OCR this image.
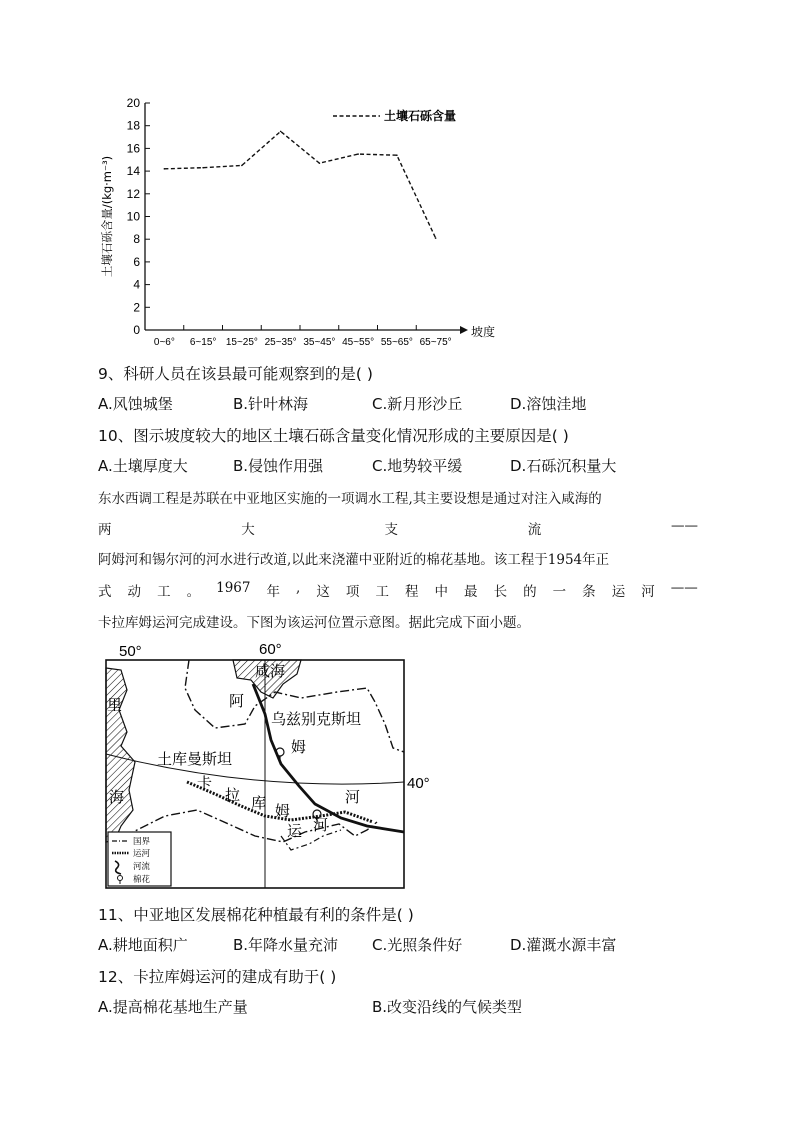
0
2
4
6
8
10
12
14
16
18
20
0~6° 6~15° 15~25° 25~35° 35~45° 45~55° 55~65° 65~75°
坡度
土壤石砾含量/(kg·m⁻³)
土壤石砾含量
9、科研人员在该县最可能观察到的是( )
A.风蚀城堡	B.针叶林海	C.新月形沙丘	D.溶蚀洼地
10、图示坡度较大的地区土壤石砾含量变化情况形成的主要原因是( )
A.土壤厚度大	B.侵蚀作用强	C.地势较平缓	D.石砾沉积量大
东水西调工程是苏联在中亚地区实施的一项调水工程,其主要设想是通过对注入咸海的
两	大	支	流	——
阿姆河和锡尔河的河水进行改道,以此来浇灌中亚附近的棉花基地。该工程于1954年正
式 动 工 。 1967 年 , 这 项 工 程 中 最 长 的 一 条 运 河 ——
卡拉库姆运河完成建设。下图为该运河位置示意图。据此完成下面小题。
50°	60°
40°
咸海
里
海
乌兹别克斯坦
土库曼斯坦
阿
姆
河
卡
拉 库 姆
运 河
国界
运河
河流
棉花
11、中亚地区发展棉花种植最有利的条件是( )
A.耕地面积广	B.年降水量充沛 C.光照条件好	D.灌溉水源丰富
12、卡拉库姆运河的建成有助于( )
A.提高棉花基地生产量	B.改变沿线的气候类型
